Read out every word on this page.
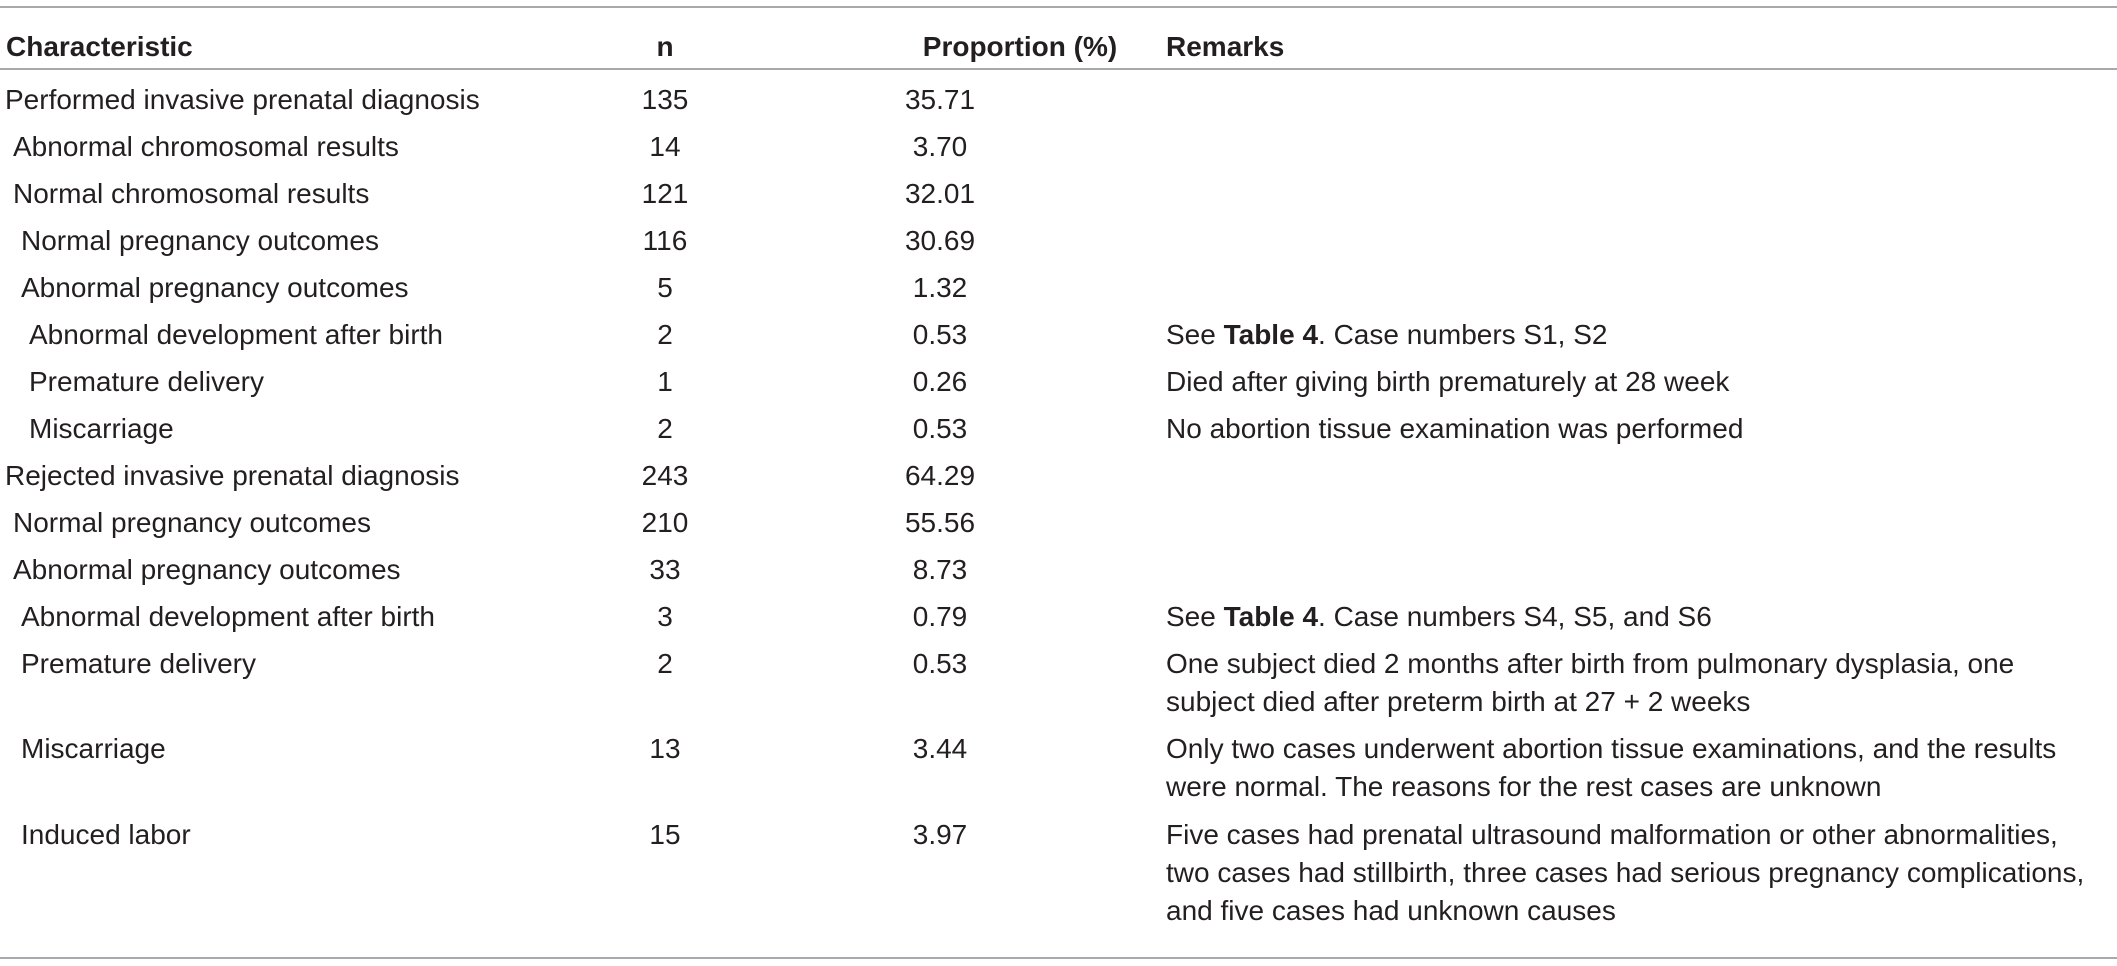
Characteristic	n	Proportion (%)	Remarks
Performed invasive prenatal diagnosis	135	35.71
Abnormal chromosomal results	14	3.70
Normal chromosomal results	121	32.01
Normal pregnancy outcomes	116	30.69
Abnormal pregnancy outcomes	5	1.32
Abnormal development after birth	2	0.53	See Table 4. Case numbers S1, S2
Premature delivery	1	0.26	Died after giving birth prematurely at 28 week
Miscarriage	2	0.53	No abortion tissue examination was performed
Rejected invasive prenatal diagnosis	243	64.29
Normal pregnancy outcomes	210	55.56
Abnormal pregnancy outcomes	33	8.73
Abnormal development after birth	3	0.79	See Table 4. Case numbers S4, S5, and S6
Premature delivery	2	0.53	One subject died 2 months after birth from pulmonary dysplasia, one
subject died after preterm birth at 27 + 2 weeks
Miscarriage	13	3.44	Only two cases underwent abortion tissue examinations, and the results
were normal. The reasons for the rest cases are unknown
Induced labor	15	3.97	Five cases had prenatal ultrasound malformation or other abnormalities,
two cases had stillbirth, three cases had serious pregnancy complications,
and five cases had unknown causes
